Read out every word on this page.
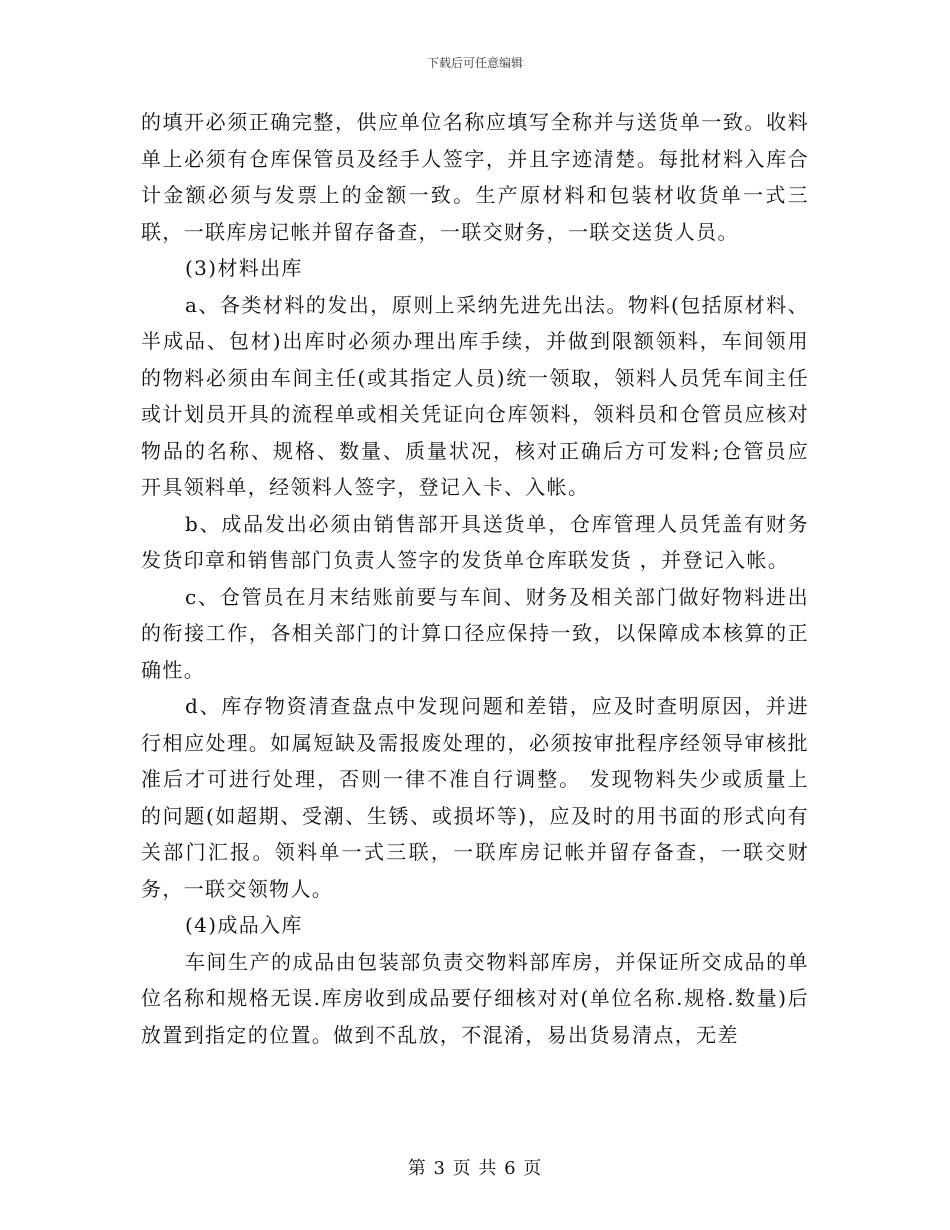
下载后可任意编辑

的填开必须正确完整，供应单位名称应填写全称并与送货单一致。收料单上必须有仓库保管员及经手人签字，并且字迹清楚。每批材料入库合计金额必须与发票上的金额一致。生产原材料和包装材收货单一式三联，一联库房记帐并留存备查，一联交财务，一联交送货人员。

(3)材料出库

a、各类材料的发出，原则上采纳先进先出法。物料(包括原材料、半成品、包材)出库时必须办理出库手续，并做到限额领料，车间领用的物料必须由车间主任(或其指定人员)统一领取，领料人员凭车间主任或计划员开具的流程单或相关凭证向仓库领料，领料员和仓管员应核对物品的名称、规格、数量、质量状况，核对正确后方可发料;仓管员应开具领料单，经领料人签字，登记入卡、入帐。

b、成品发出必须由销售部开具送货单，仓库管理人员凭盖有财务发货印章和销售部门负责人签字的发货单仓库联发货 ，并登记入帐。

c、仓管员在月末结账前要与车间、财务及相关部门做好物料进出的衔接工作，各相关部门的计算口径应保持一致，以保障成本核算的正确性。

d、库存物资清查盘点中发现问题和差错，应及时查明原因，并进行相应处理。如属短缺及需报废处理的，必须按审批程序经领导审核批准后才可进行处理，否则一律不准自行调整。 发现物料失少或质量上的问题(如超期、受潮、生锈、或损坏等)，应及时的用书面的形式向有关部门汇报。领料单一式三联，一联库房记帐并留存备查，一联交财务，一联交领物人。

(4)成品入库

车间生产的成品由包装部负责交物料部库房，并保证所交成品的单位名称和规格无误.库房收到成品要仔细核对对(单位名称.规格.数量)后放置到指定的位置。做到不乱放，不混淆，易出货易清点，无差

第 3 页 共 6 页
